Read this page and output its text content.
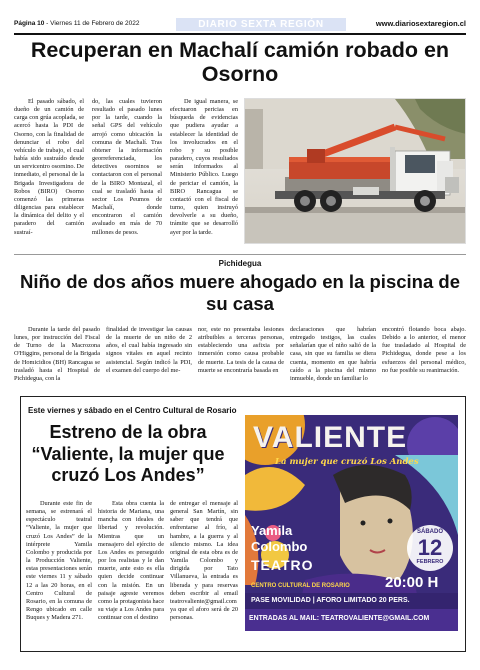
Página 10 - Viernes 11 de Febrero de 2022	DIARIO SEXTA REGIÓN	www.diariosextaregion.cl
Recuperan en Machalí camión robado en Osorno

El pasado sábado, el dueño de un camión de carga con grúa acoplada, se acercó hasta la PDI de Osorno, con la finalidad de denunciar el robo del vehículo de trabajo, el cual había sido sustraído desde un servicentro osornino. De inmediato, el personal de la Brigada Investigadora de Robos (BIRO) Osorno comenzó las primeras diligencias para establecer la dinámica del delito y el paradero del camión sustraí-

do, las cuales tuvieron resultado el pasado lunes por la tarde, cuando la señal GPS del vehículo arrojó como ubicación la comuna de Machalí. Tras obtener la información georreferenciada, los detectives osorninos se contactaron con el personal de la BIRO Montazal, el cual se trasladó hasta el sector Los Peumos de Machalí, donde encontraron el camión avaluado en más de 70 millones de pesos.

De igual manera, se efectuaron pericias en búsqueda de evidencias que pudiera ayudar a establecer la identidad de los involucrados en el robo y su posible paradero, cuyos resultados serán informados al Ministerio Público. Luego de periciar el camión, la BIRO Rancagua se contactó con el fiscal de turno, quien instruyó devolverle a su dueño, trámite que se desarrolló ayer por la tarde.

Pichidegua
Niño de dos años muere ahogado en la piscina de su casa

Durante la tarde del pasado lunes, por instrucción del Fiscal de Turno de la Macrozona O'Higgins, personal de la Brigada de Homicidios (BH) Rancagua se trasladó hasta el Hospital de Pichidegua, con la

finalidad de investigar las causas de la muerte de un niño de 2 años, el cual había ingresado sin signos vitales en aquel recinto asistencial. Según indicó la PDI, el examen del cuerpo del me-

nor, este no presentaba lesiones atribuibles a terceras personas, estableciendo una asfixia por inmersión como causa probable de muerte. La tesis de la causa de muerte se encontraría basada en

declaraciones que habrían entregado testigos, las cuales señalarían que el niño salió de la casa, sin que su familia se diera cuenta, momento en que habría caído a la piscina del mismo inmueble, donde un familiar lo

encontró flotando boca abajo. Debido a lo anterior, el menor fue trasladado al Hospital de Pichidegua, donde pese a los esfuerzos del personal médico, no fue posible su reanimación.

Este viernes y sábado en el Centro Cultural de Rosario
Estreno de la obra “Valiente, la mujer que cruzó Los Andes”

Durante este fin de semana, se estrenará el espectáculo teatral “Valiente, la mujer que cruzó Los Andes” de la intérprete Yamila Colombo y producida por la Producción Valiente, estas presentaciones serán este viernes 11 y sábado 12 a las 20 horas, en el Centro Cultural de Rosario, en la comuna de Rengo ubicado en calle Buques y Madera 271.

Esta obra cuenta la historia de Mariana, una mancha con ideales de libertad y revolución. Mientras que un mensajero del ejército de Los Andes es perseguido por los realistas y le dan muerte, ante esto es ella quien decide continuar con la misión. En un paisaje agreste veremos como la protagonista hace su viaje a Los Andes para continuar con el destino

de entregar el mensaje al general San Martín, sin saber que tendrá que enfrentarse al frío, al hambre, a la guerra y al silencio mismo. La idea original de esta obra es de Yamila Colombo y dirigida por Tato Villanueva, la entrada es liberada y para reservas deben escribir al email teatrovaliente@gmail.com ya que el aforo será de 20 personas.

VALIENTE
La mujer que cruzó Los Andes
Yamila
Colombo
TEATRO
SÁBADO
12
FEBRERO
20:00 H
CENTRO CULTURAL DE ROSARIO
PASE MOVILIDAD | AFORO LIMITADO 20 PERS.
ENTRADAS AL MAIL: TEATROVALIENTE@GMAIL.COM
